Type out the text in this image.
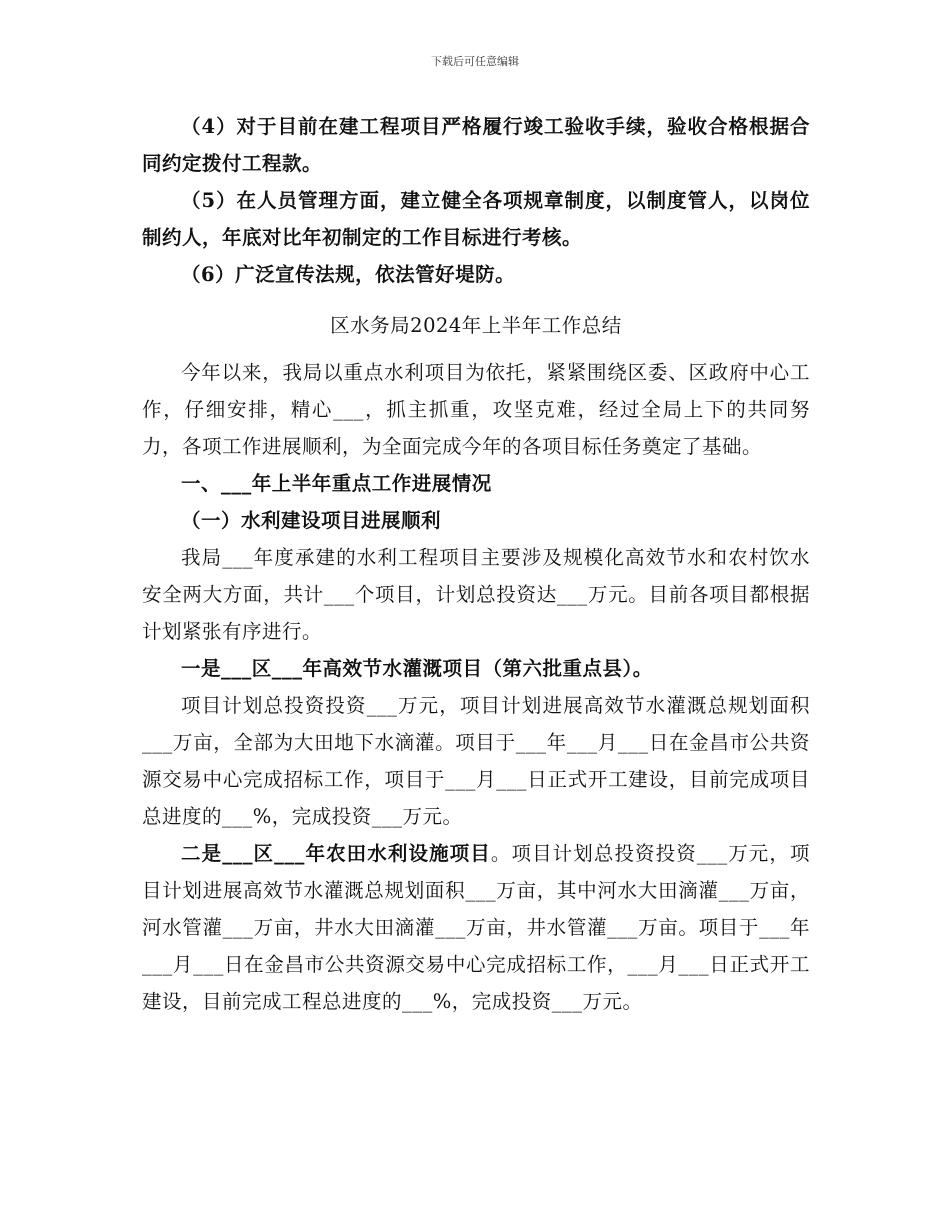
下载后可任意编辑

（4）对于目前在建工程项目严格履行竣工验收手续，验收合格根据合同约定拨付工程款。

（5）在人员管理方面，建立健全各项规章制度，以制度管人，以岗位制约人，年底对比年初制定的工作目标进行考核。

（6）广泛宣传法规，依法管好堤防。

区水务局2024年上半年工作总结

今年以来，我局以重点水利项目为依托，紧紧围绕区委、区政府中心工作，仔细安排，精心___，抓主抓重，攻坚克难，经过全局上下的共同努力，各项工作进展顺利，为全面完成今年的各项目标任务奠定了基础。

一、___年上半年重点工作进展情况

（一）水利建设项目进展顺利

我局___年度承建的水利工程项目主要涉及规模化高效节水和农村饮水安全两大方面，共计___个项目，计划总投资达___万元。目前各项目都根据计划紧张有序进行。

一是___区___年高效节水灌溉项目（第六批重点县）。

项目计划总投资投资___万元，项目计划进展高效节水灌溉总规划面积___万亩，全部为大田地下水滴灌。项目于___年___月___日在金昌市公共资源交易中心完成招标工作，项目于___月___日正式开工建设，目前完成项目总进度的___%，完成投资___万元。

二是___区___年农田水利设施项目。项目计划总投资投资___万元，项目计划进展高效节水灌溉总规划面积___万亩，其中河水大田滴灌___万亩，河水管灌___万亩，井水大田滴灌___万亩，井水管灌___万亩。项目于___年___月___日在金昌市公共资源交易中心完成招标工作，___月___日正式开工建设，目前完成工程总进度的___%，完成投资___万元。
